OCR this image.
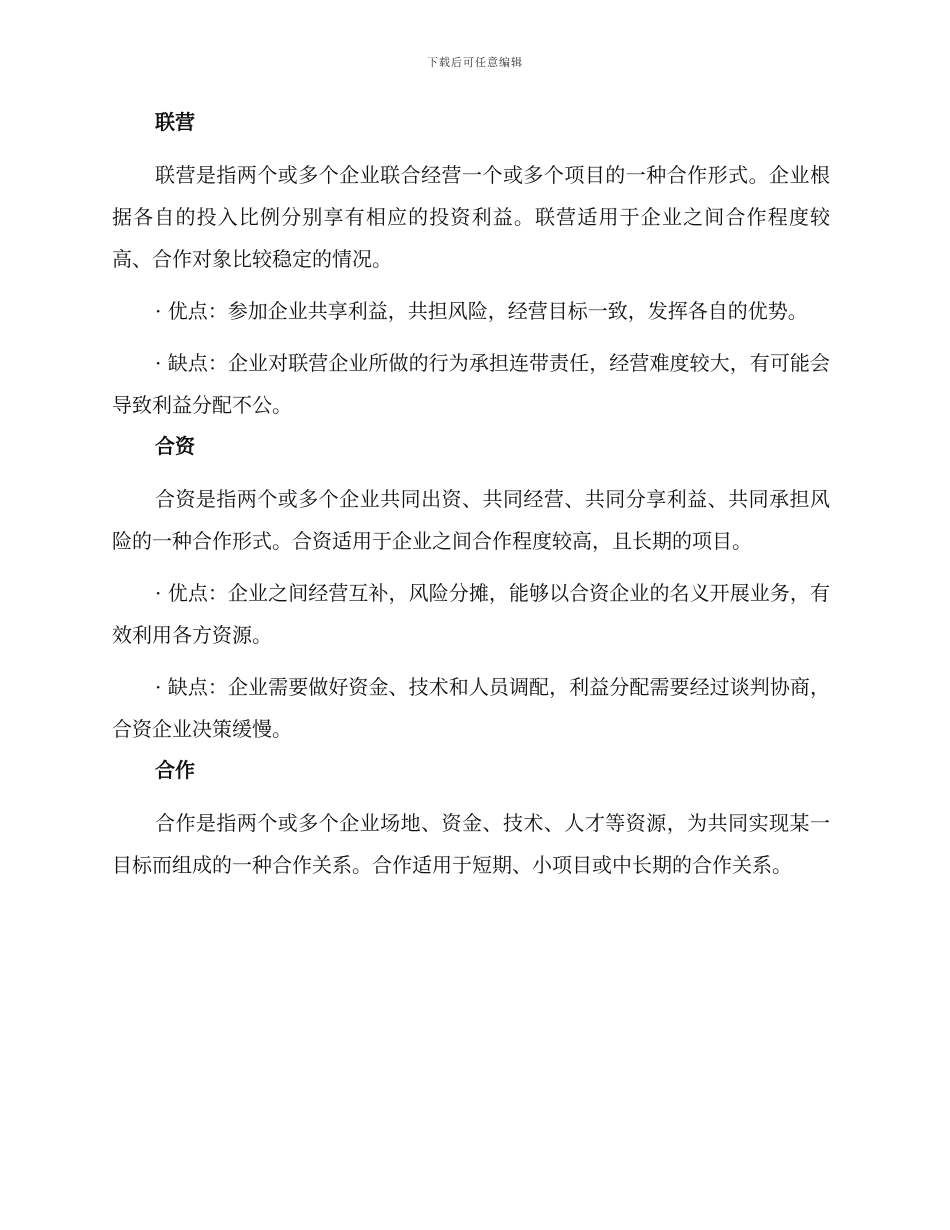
下载后可任意编辑
联营

联营是指两个或多个企业联合经营一个或多个项目的一种合作形式。企业根据各自的投入比例分别享有相应的投资利益。联营适用于企业之间合作程度较高、合作对象比较稳定的情况。

· 优点：参加企业共享利益，共担风险，经营目标一致，发挥各自的优势。

· 缺点：企业对联营企业所做的行为承担连带责任，经营难度较大，有可能会导致利益分配不公。

合资

合资是指两个或多个企业共同出资、共同经营、共同分享利益、共同承担风险的一种合作形式。合资适用于企业之间合作程度较高，且长期的项目。

· 优点：企业之间经营互补，风险分摊，能够以合资企业的名义开展业务，有效利用各方资源。

· 缺点：企业需要做好资金、技术和人员调配，利益分配需要经过谈判协商，合资企业决策缓慢。

合作

合作是指两个或多个企业场地、资金、技术、人才等资源，为共同实现某一目标而组成的一种合作关系。合作适用于短期、小项目或中长期的合作关系。
